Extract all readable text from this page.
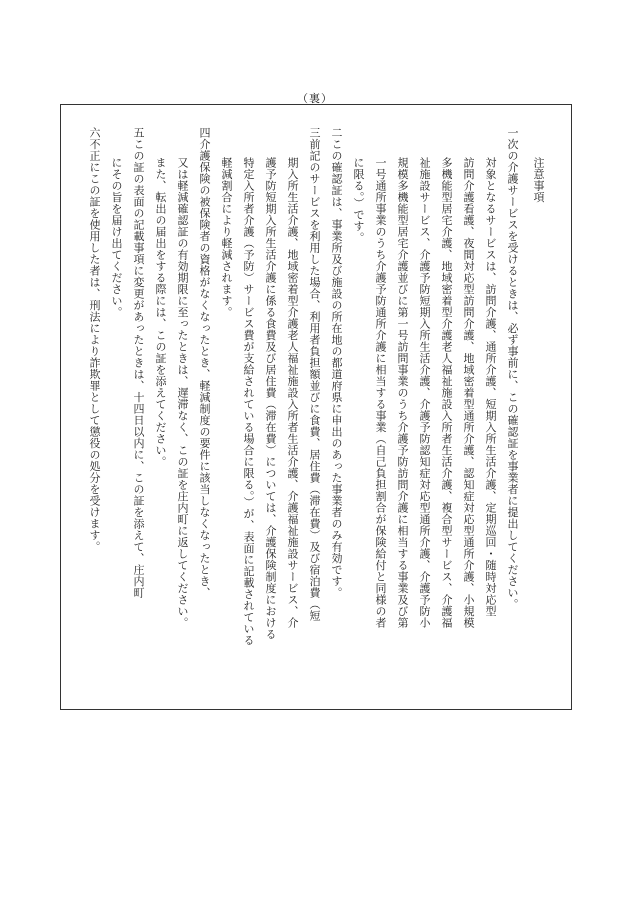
（裏）
注意事項
一次の介護サービスを受けるときは、必ず事前に、この確認証を事業者に提出してください。
対象となるサービスは、訪問介護、通所介護、短期入所生活介護、定期巡回・随時対応型
訪問介護看護、夜間対応型訪問介護、地域密着型通所介護、認知症対応型通所介護、小規模
多機能型居宅介護、地域密着型介護老人福祉施設入所者生活介護、複合型サービス、介護福
祉施設サービス、介護予防短期入所生活介護、介護予防認知症対応型通所介護、介護予防小
規模多機能型居宅介護並びに第一号訪問事業のうち介護予防訪問介護に相当する事業及び第
一号通所事業のうち介護予防通所介護に相当する事業（自己負担割合が保険給付と同様の者
に限る。）です。
二この確認証は、事業所及び施設の所在地の都道府県に申出のあった事業者のみ有効です。
三前記のサービスを利用した場合、利用者負担額並びに食費、居住費（滞在費）及び宿泊費（短
期入所生活介護、地域密着型介護老人福祉施設入所者生活介護、介護福祉施設サービス、介
護予防短期入所生活介護に係る食費及び居住費（滞在費）については、介護保険制度における
特定入所者介護（予防）サービス費が支給されている場合に限る。）が、表面に記載されている
軽減割合により軽減されます。
四介護保険の被保険者の資格がなくなったとき、軽減制度の要件に該当しなくなったとき、
又は軽減確認証の有効期限に至ったときは、遅滞なく、この証を庄内町に返してください。
また、転出の届出をする際には、この証を添えてください。
五この証の表面の記載事項に変更があったときは、十四日以内に、この証を添えて、庄内町
にその旨を届け出てください。
六不正にこの証を使用した者は、刑法により詐欺罪として懲役の処分を受けます。
